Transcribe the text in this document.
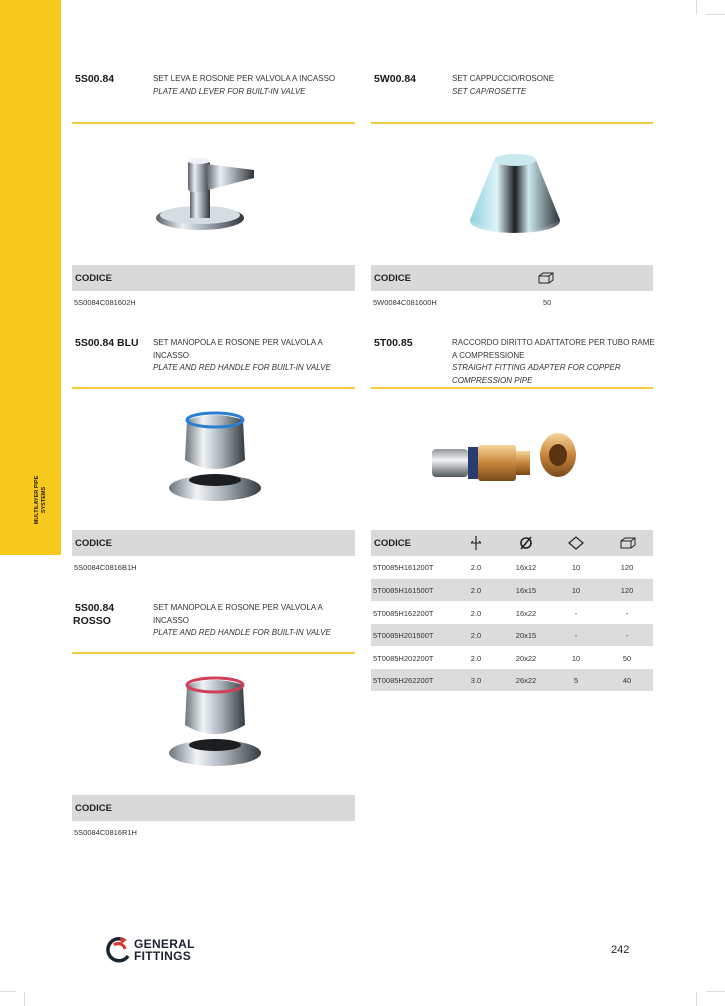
MULTILAYER PIPE SYSTEMS
5S00.84	SET LEVA E ROSONE PER VALVOLA A INCASSO
PLATE AND LEVER FOR BUILT-IN VALVE
CODICE
5S0084C081602H
5W00.84	SET CAPPUCCIO/ROSONE
SET CAP/ROSETTE
CODICE
5W0084C081600H	50
5S00.84 BLU SET MANOPOLA E ROSONE PER VALVOLA A
INCASSO
PLATE AND RED HANDLE FOR BUILT-IN VALVE
CODICE
5S0084C0816B1H
5T00.85	RACCORDO DIRITTO ADATTATORE PER TUBO RAME
A COMPRESSIONE
STRAIGHT FITTING ADAPTER FOR COPPER
COMPRESSION PIPE
CODICE
5T0085H161200T	2.0	16x12	10	120
5T0085H161500T	2.0	16x15	10	120
5T0085H162200T	2.0	16x22	-	-
5T0085H201500T	2.0	20x15	-	-
5T0085H202200T	2.0	20x22	10	50
5T0085H262200T	3.0	26x22	5	40
5S00.84
ROSSO
SET MANOPOLA E ROSONE PER VALVOLA A
INCASSO
PLATE AND RED HANDLE FOR BUILT-IN VALVE
CODICE
5S0084C0816R1H
GENERAL
FITTINGS	242
